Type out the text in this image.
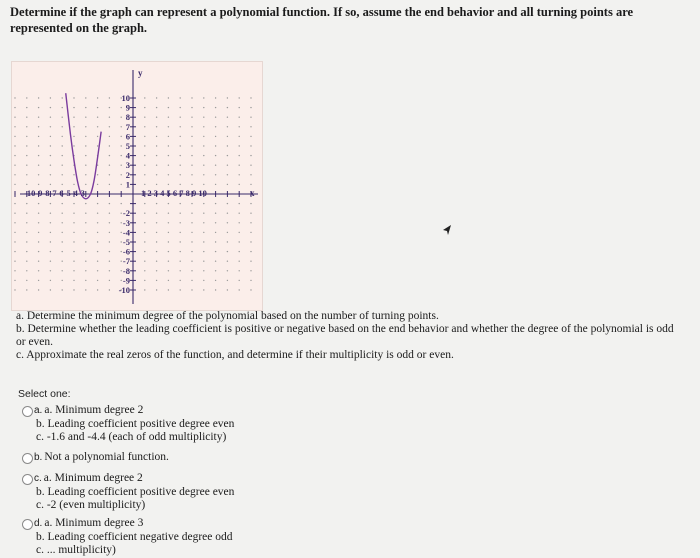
Determine if the graph can represent a polynomial function. If so, assume the end behavior and all turning points are represented on the graph.
-10-9-8-7-6-5-4-3	1 2 3 4 5 6 7 8 9 10	x
y
10
9
8
7
6
5
4
3
2
1
-2
-3
-4
-5
-6
-7
-8
-9
-10

a. Determine the minimum degree of the polynomial based on the number of turning points.

b. Determine whether the leading coefficient is positive or negative based on the end behavior and whether the degree of the polynomial is odd or even.

c. Approximate the real zeros of the function, and determine if their multiplicity is odd or even.

Select one:
a. a. Minimum degree 2
b. Leading coefficient positive degree even
c. -1.6 and -4.4 (each of odd multiplicity)
b. Not a polynomial function.
c. a. Minimum degree 2
b. Leading coefficient positive degree even
c. -2 (even multiplicity)
d. a. Minimum degree 3
b. Leading coefficient negative degree odd
c. ... multiplicity)
